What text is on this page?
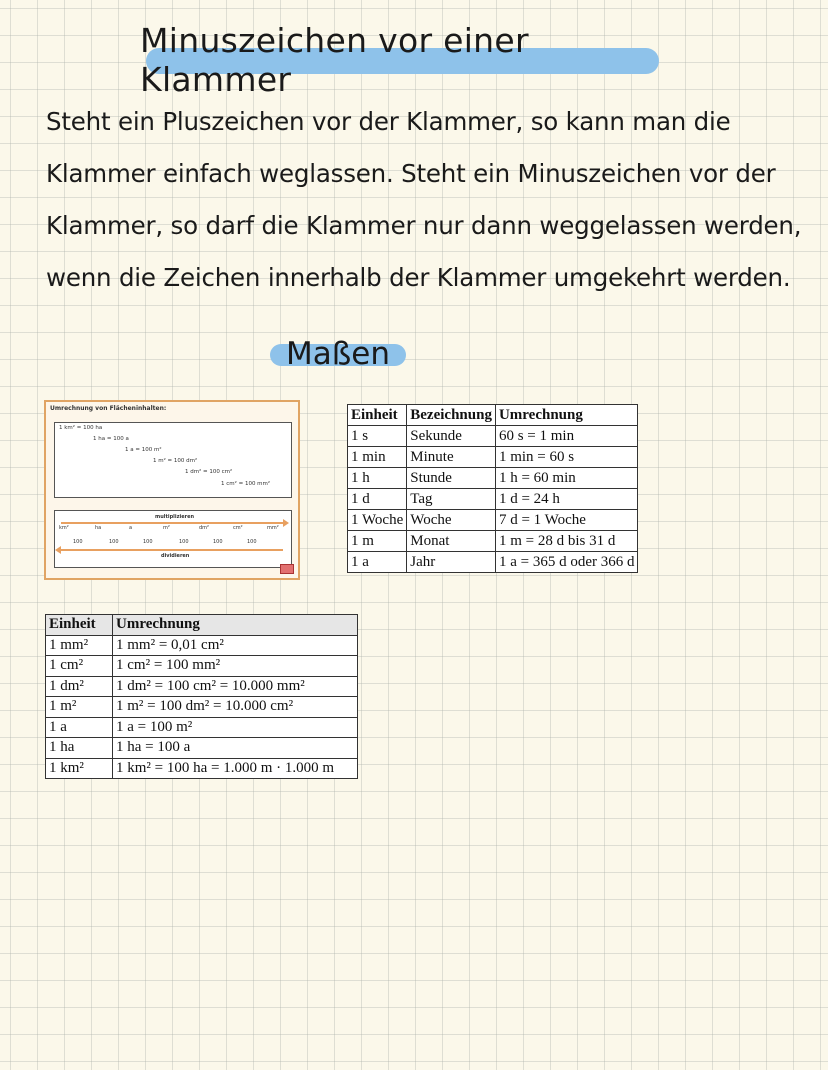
Minuszeichen vor einer Klammer
Steht ein Pluszeichen vor der Klammer, so kann man die
Klammer einfach weglassen. Steht ein Minuszeichen vor der
Klammer, so darf die Klammer nur dann weggelassen werden,
wenn die Zeichen innerhalb der Klammer umgekehrt werden.
Maßen
Umrechnung von Flächeninhalten:
1 km² = 100 ha
1 ha = 100 a
1 a = 100 m²
1 m² = 100 dm²
1 dm² = 100 cm²
1 cm² = 100 mm²
multiplizieren
km²	ha	a	m²	dm²	cm²	mm²
100	100	100	100	100	100
dividieren
Einheit	Bezeichnung	Umrechnung
1 s	Sekunde	60 s = 1 min
1 min	Minute	1 min = 60 s
1 h	Stunde	1 h = 60 min
1 d	Tag	1 d = 24 h
1 Woche	Woche	7 d = 1 Woche
1 m	Monat	1 m = 28 d bis 31 d
1 a	Jahr	1 a = 365 d oder 366 d
Einheit	Umrechnung
1 mm²	1 mm² = 0,01 cm²
1 cm²	1 cm² = 100 mm²
1 dm²	1 dm² = 100 cm² = 10.000 mm²
1 m²	1 m² = 100 dm² = 10.000 cm²
1 a	1 a = 100 m²
1 ha	1 ha = 100 a
1 km²	1 km² = 100 ha = 1.000 m · 1.000 m
